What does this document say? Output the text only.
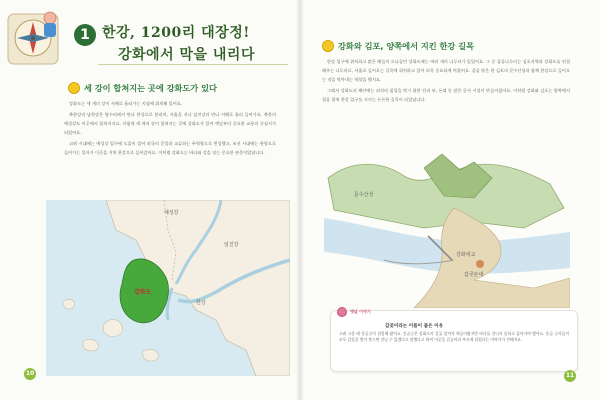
1 한강, 1200리 대장정!
강화에서 막을 내리다
세 강이 합쳐지는 곳에 강화도가 있다

강화도는 세 개의 강이 서해로 흘러가는 지점에 위치해 있어요.

북한강과 남한강은 양수리에서 만나 한강으로 불리며, 서울을 지나 임진강과 만나 서해로 흘러 들어가요. 북한의 예성강도 이곳에서 합쳐지지요. 이렇게 세 개의 강이 합쳐지는 곳에 강화도가 있어 옛날부터 중요한 교통의 중심지가 되었어요.

고려 시대에는 예성강 입구에 도읍이 있어 외국의 문물과 교류하는 무역항으로 번성했고, 조선 시대에는 한양으로 들어가는 물자가 이곳을 거쳐 한강으로 들어갔어요. 이처럼 강화도는 바다와 강을 잇는 중요한 관문이었답니다.

예성강
임진강
강화도
한강
10
강화와 김포, 양쪽에서 지킨 한강 길목

한강 입구에 위치하고 많은 배들이 드나들던 강화도에는 여러 개의 나루터가 있었어요. 그 중 갑곶나루터는 김포지역과 강화도를 연결해주는 나루터로, 서울로 들어오는 길목에 위치하고 있어 더욱 중요하게 여겼어요. 갑곶 맞은 편 김포의 문수산성과 함께 한강으로 들어오는 적을 막아내는 역할을 했지요.

그래서 강화도의 해안에는 외적의 침입을 막기 위한 진과 보, 돈대 등 많은 군사 시설이 만들어졌어요. 이처럼 강화와 김포는 양쪽에서 힘을 합쳐 한강 입구를 지키는 든든한 길목이 되었답니다.

문수산성
강화대교
갑곶돈대
옛날 이야기
갑곶이라는 이름이 붙은 이유
고려 고종 때 몽골군이 침입해 왔어요. 몽골군은 강화도의 갑곶 앞까지 쳐들어왔지만 바다를 건너지 못하고 돌아가야 했어요. 몽골 군사들이 모두 갑옷을 벗어 쌓으면 건널 수 있겠다고 말했다고 하여 이곳을 갑곶이라 부르게 되었다는 이야기가 전해져요.
11
